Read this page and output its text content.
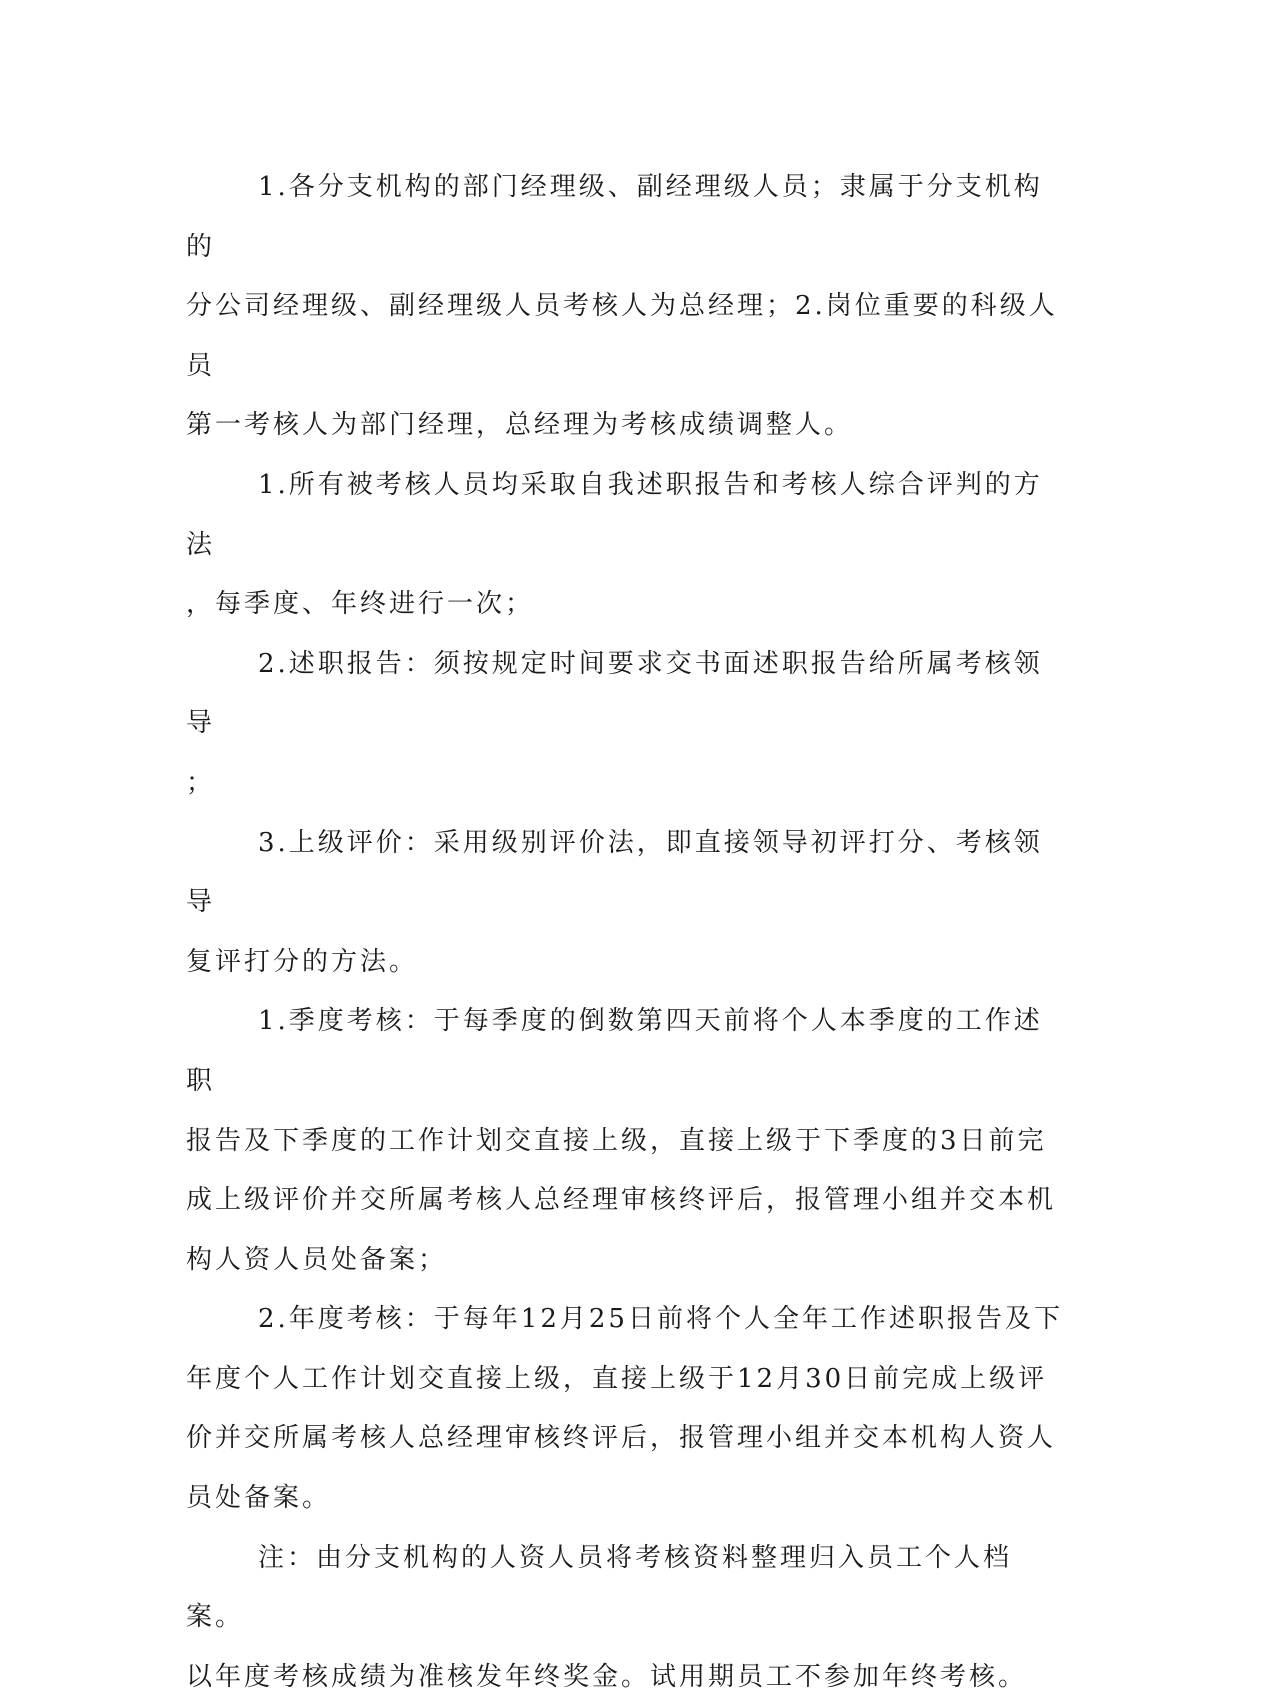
1.各分支机构的部门经理级、副经理级人员；隶属于分支机构的
分公司经理级、副经理级人员考核人为总经理；2.岗位重要的科级人员
第一考核人为部门经理，总经理为考核成绩调整人。

1.所有被考核人员均采取自我述职报告和考核人综合评判的方法
，每季度、年终进行一次；

2.述职报告：须按规定时间要求交书面述职报告给所属考核领导
；

3.上级评价：采用级别评价法，即直接领导初评打分、考核领导
复评打分的方法。

1.季度考核：于每季度的倒数第四天前将个人本季度的工作述职
报告及下季度的工作计划交直接上级，直接上级于下季度的3日前完
成上级评价并交所属考核人总经理审核终评后，报管理小组并交本机
构人资人员处备案；

2.年度考核：于每年12月25日前将个人全年工作述职报告及下
年度个人工作计划交直接上级，直接上级于12月30日前完成上级评
价并交所属考核人总经理审核终评后，报管理小组并交本机构人资人
员处备案。

注：由分支机构的人资人员将考核资料整理归入员工个人档案。
以年度考核成绩为准核发年终奖金。试用期员工不参加年终考核。
